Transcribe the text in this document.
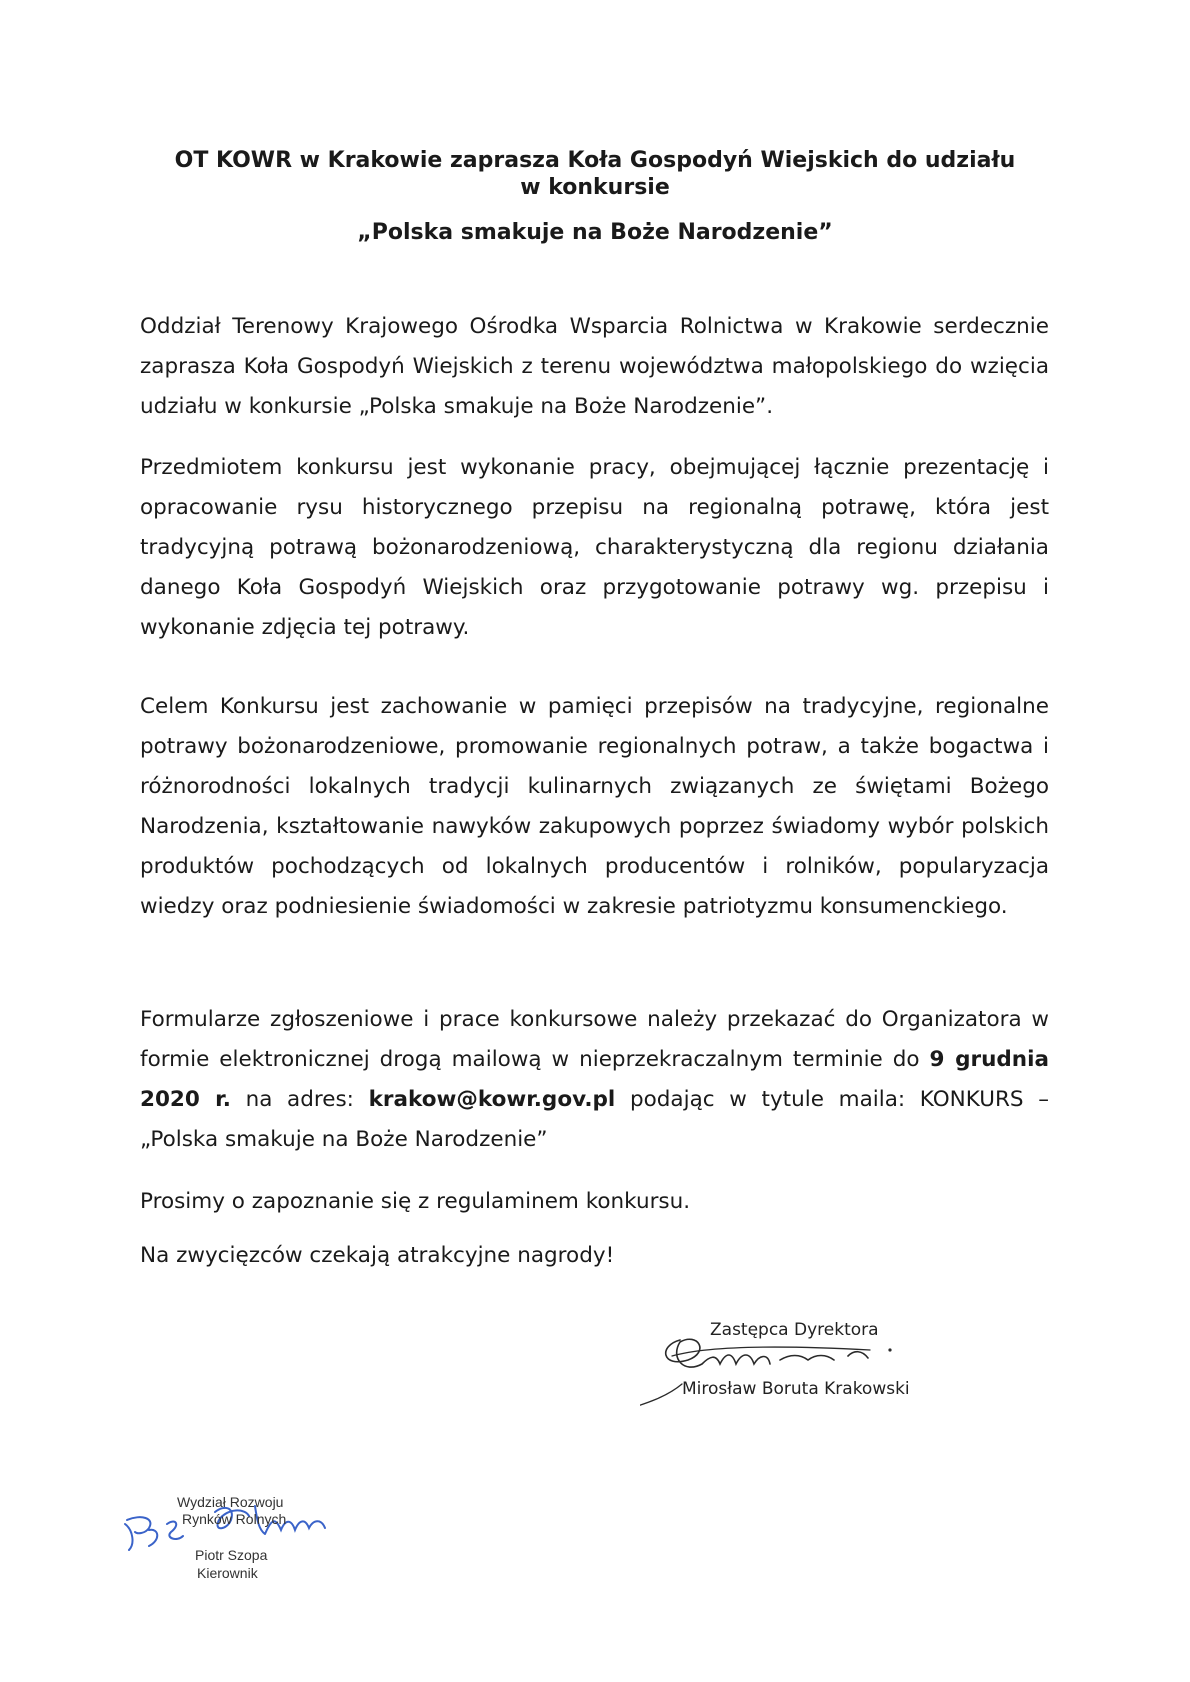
OT KOWR w Krakowie zaprasza Koła Gospodyń Wiejskich do udziału

w konkursie

„Polska smakuje na Boże Narodzenie”

Oddział Terenowy Krajowego Ośrodka Wsparcia Rolnictwa w Krakowie serdecznie zaprasza Koła Gospodyń Wiejskich z terenu województwa małopolskiego do wzięcia udziału w konkursie „Polska smakuje na Boże Narodzenie”.

Przedmiotem konkursu jest wykonanie pracy, obejmującej łącznie prezentację i opracowanie rysu historycznego przepisu na regionalną potrawę, która jest tradycyjną potrawą bożonarodzeniową, charakterystyczną dla regionu działania danego Koła Gospodyń Wiejskich oraz przygotowanie potrawy wg. przepisu i wykonanie zdjęcia tej potrawy.

Celem Konkursu jest zachowanie w pamięci przepisów na tradycyjne, regionalne potrawy bożonarodzeniowe, promowanie regionalnych potraw, a także bogactwa i różnorodności lokalnych tradycji kulinarnych związanych ze świętami Bożego Narodzenia, kształtowanie nawyków zakupowych poprzez świadomy wybór polskich produktów pochodzących od lokalnych producentów i rolników, popularyzacja wiedzy oraz podniesienie świadomości w zakresie patriotyzmu konsumenckiego.

Formularze zgłoszeniowe i prace konkursowe należy przekazać do Organizatora w formie elektronicznej drogą mailową w nieprzekraczalnym terminie do 9 grudnia 2020 r. na adres: krakow@kowr.gov.pl podając w tytule maila: KONKURS – „Polska smakuje na Boże Narodzenie”

Prosimy o zapoznanie się z regulaminem konkursu.

Na zwycięzców czekają atrakcyjne nagrody!

Zastępca Dyrektora
Mirosław Boruta Krakowski
Wydział Rozwoju
Rynków Rolnych
Piotr Szopa
Kierownik
